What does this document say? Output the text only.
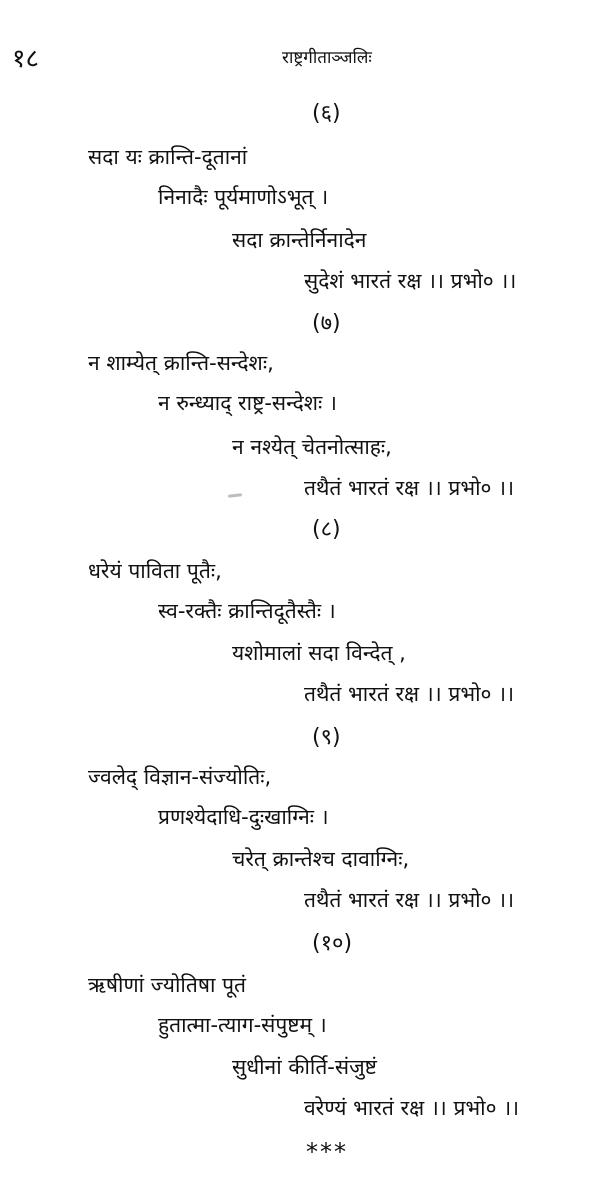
१८	राष्ट्रगीताञ्जलिः
(६)
सदा यः क्रान्ति-दूतानां
निनादैः पूर्यमाणोऽभूत् ।
सदा क्रान्तेर्निनादेन
सुदेशं भारतं रक्ष ।। प्रभो० ।।
(७)
न शाम्येत् क्रान्ति-सन्देशः,
न रुन्ध्याद् राष्ट्र-सन्देशः ।
न नश्येत् चेतनोत्साहः,
तथैतं भारतं रक्ष ।। प्रभो० ।।
(८)
धरेयं पाविता पूतैः,
स्व-रक्तैः क्रान्तिदूतैस्तैः ।
यशोमालां सदा विन्देत् ,
तथैतं भारतं रक्ष ।। प्रभो० ।।
(९)
ज्वलेद् विज्ञान-संज्योतिः,
प्रणश्येदाधि-दुःखाग्निः ।
चरेत् क्रान्तेश्च दावाग्निः,
तथैतं भारतं रक्ष ।। प्रभो० ।।
(१०)
ऋषीणां ज्योतिषा पूतं
हुतात्मा-त्याग-संपुष्टम् ।
सुधीनां कीर्ति-संजुष्टं
वरेण्यं भारतं रक्ष ।। प्रभो० ।।
***
